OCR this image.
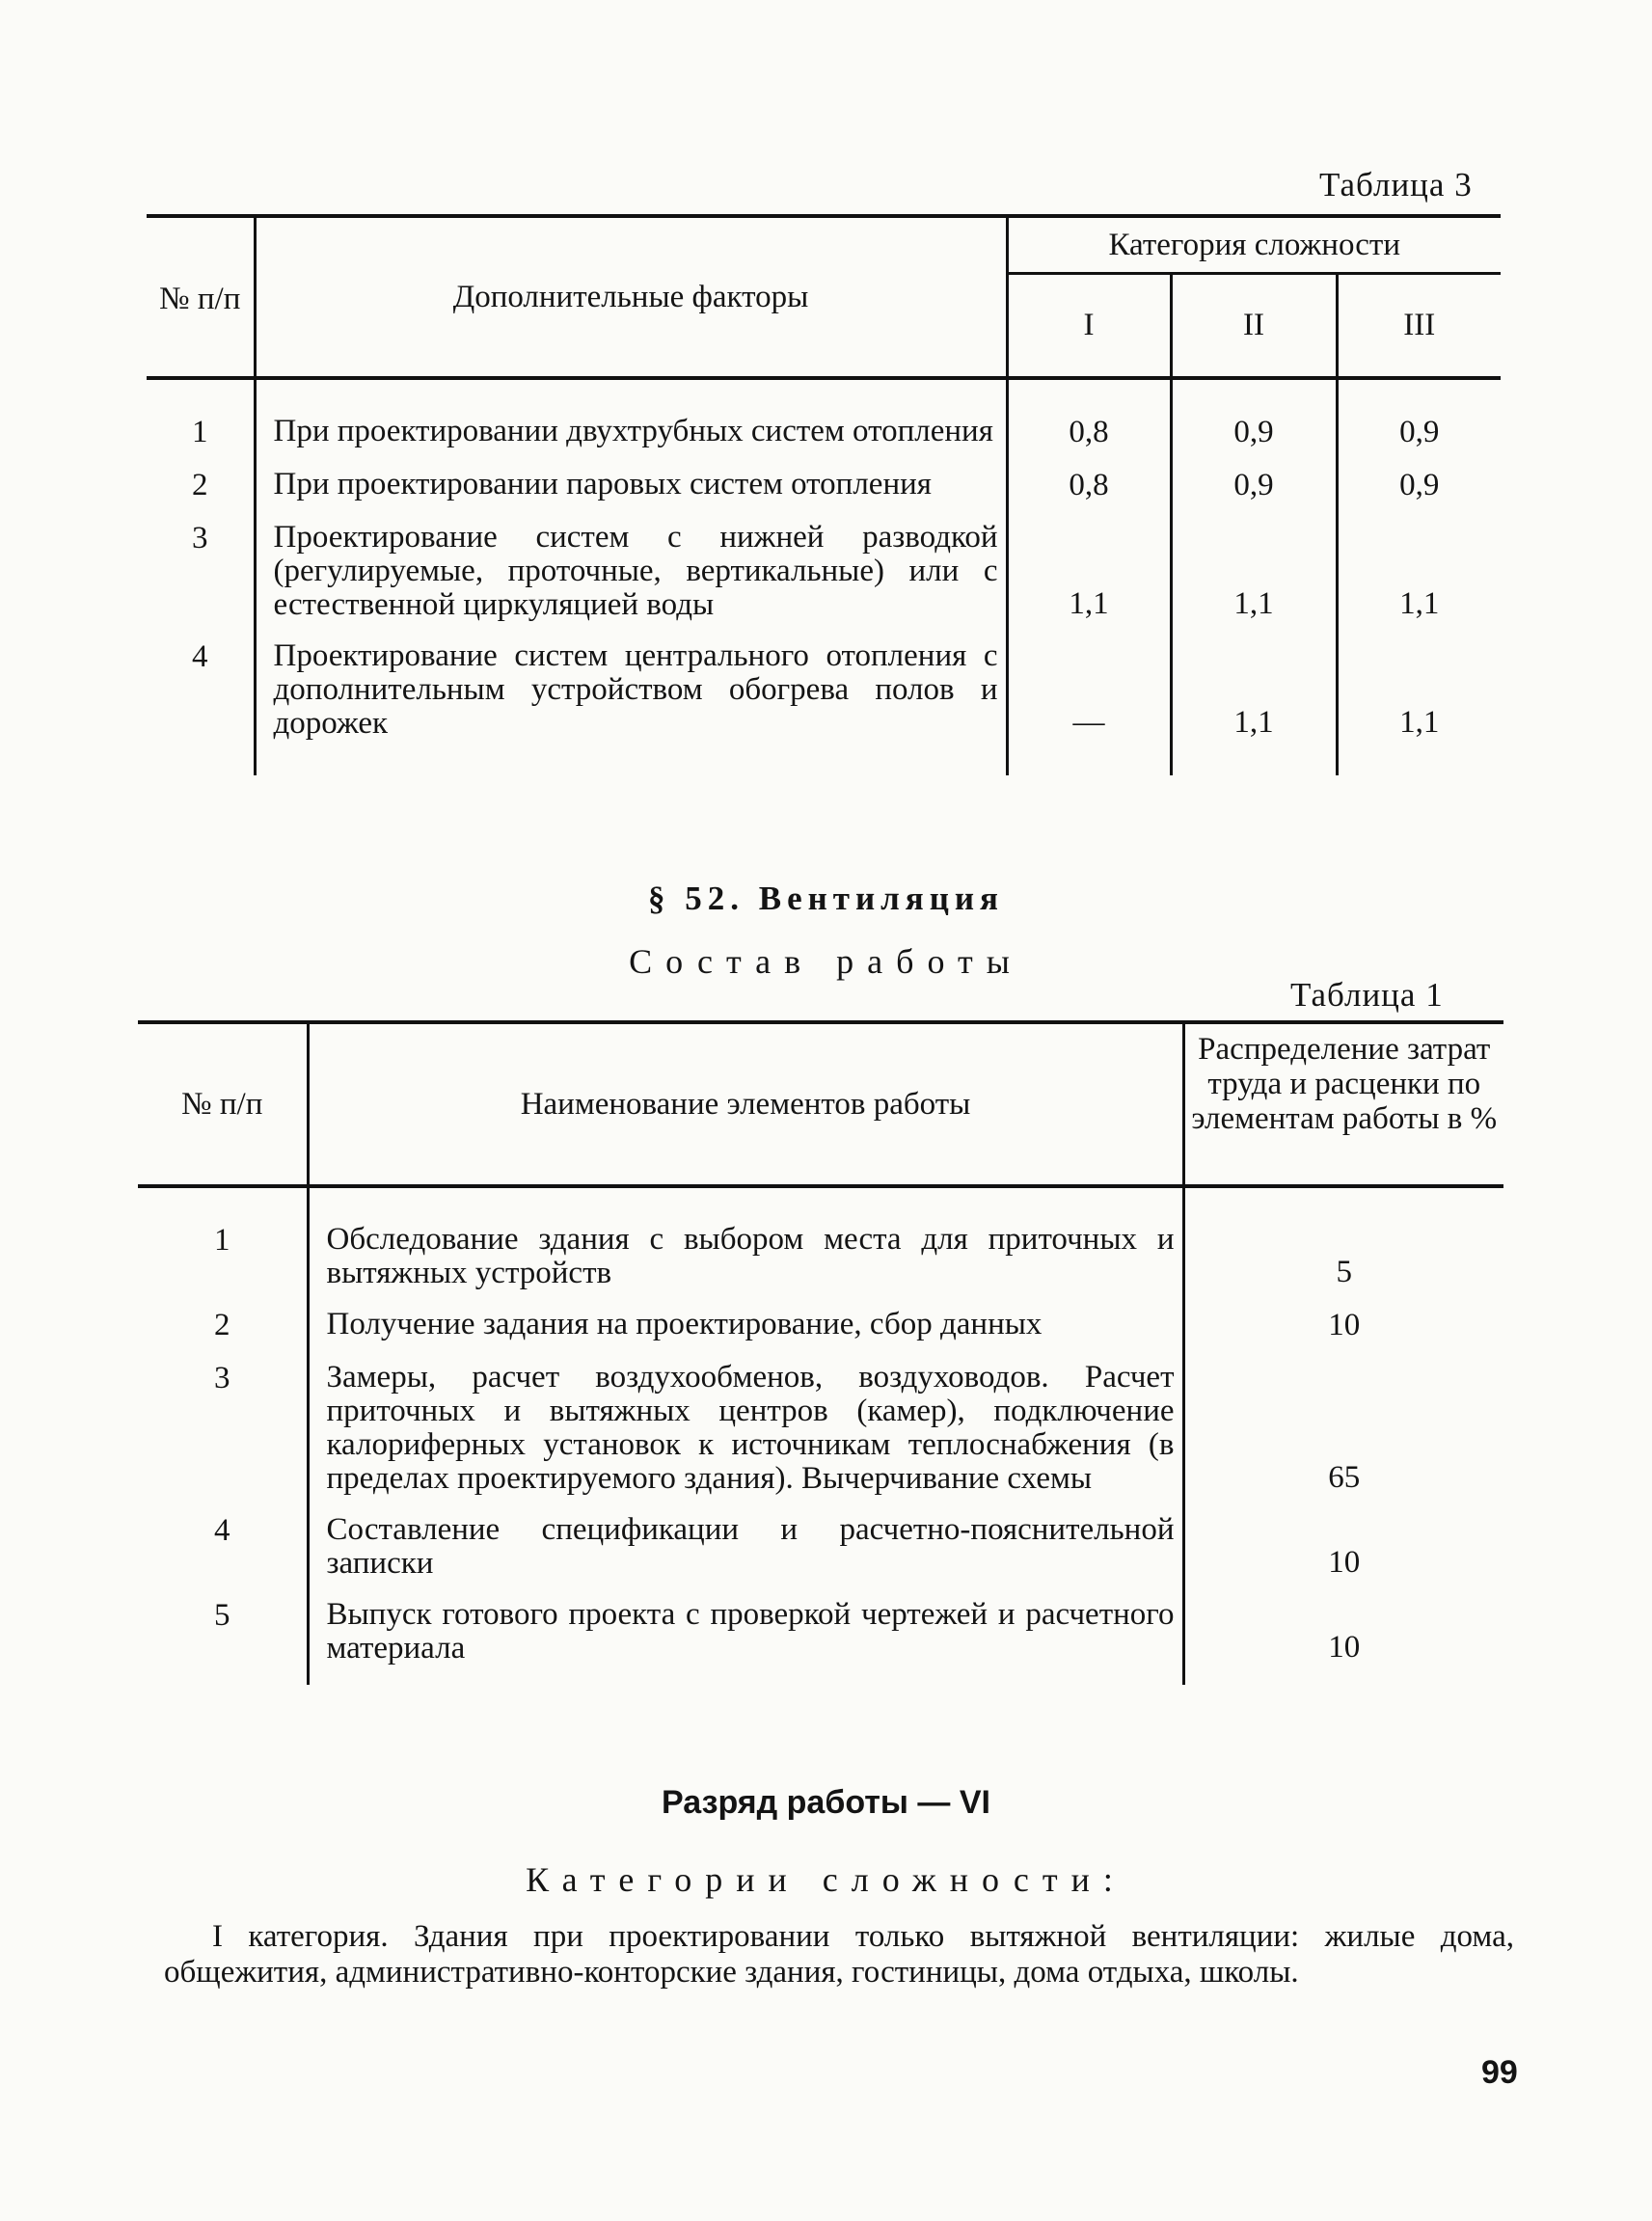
Таблица 3
№ п/п	Дополнительные факторы	Категория сложности		
		I	II	III
1	При проектировании двухтрубных систем отопления	0,8	0,9	0,9
2	При проектировании паровых систем отопления	0,8	0,9	0,9
3	Проектирование систем с нижней разводкой (регулируемые, проточные, вертикальные) или с естественной циркуляцией воды	1,1	1,1	1,1
4	Проектирование систем центрального отопления с дополнительным устройством обогрева полов и дорожек	—	1,1	1,1
§ 52. Вентиляция
Состав работы
Таблица 1
№ п/п	Наименование элементов работы	Распределение затрат труда и расценки по элементам работы в %
1	Обследование здания с выбором места для приточных и вытяжных устройств	5
2	Получение задания на проектирование, сбор данных	10
3	Замеры, расчет воздухообменов, воздуховодов. Расчет приточных и вытяжных центров (камер), подключение калориферных установок к источникам теплоснабжения (в пределах проектируемого здания). Вычерчивание схемы	65
4	Составление спецификации и расчетно-пояснительной записки	10
5	Выпуск готового проекта с проверкой чертежей и расчетного материала	10
Разряд работы — VI
Категории сложности:
I категория. Здания при проектировании только вытяжной вентиляции: жилые дома, общежития, административно-конторские здания, гостиницы, дома отдыха, школы.
99
